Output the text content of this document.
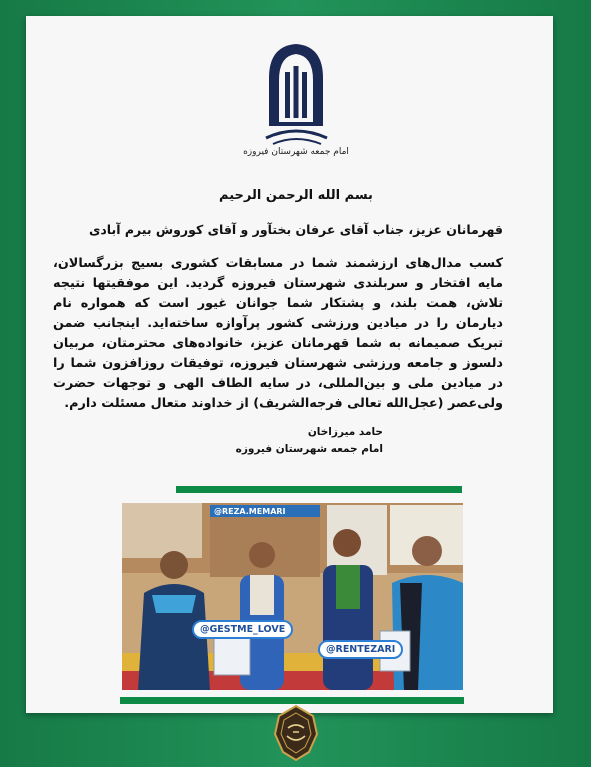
امام جمعه شهرستان فیروزه
بسم الله الرحمن الرحیم
قهرمانان عزیز، جناب آقای عرفان بختآور و آقای کوروش بیرم آبادی
کسب مدال‌های ارزشمند شما در مسابقات کشوری بسیج بزرگسالان، مایه افتخار و سربلندی شهرستان فیروزه گردید. این موفقیتها نتیجه تلاش، همت بلند، و پشتکار شما جوانان غیور است که همواره نام دیارمان را در میادین ورزشی کشور پرآوازه ساخته‌اید. اینجانب ضمن تبریک صمیمانه به شما قهرمانان عزیز، خانواده‌های محترمتان، مربیان دلسوز و جامعه ورزشی شهرستان فیروزه، توفیقات روزافزون شما را در میادین ملی و بین‌المللی، در سایه الطاف الهی و توجهات حضرت ولی‌عصر (عجل‌الله تعالی فرجه‌الشریف) از خداوند متعال مسئلت دارم.
حامد میرزاخان
امام جمعه شهرستان فیروزه
@REZA.MEMARI
@GESTME_LOVE
@RENTEZARI
